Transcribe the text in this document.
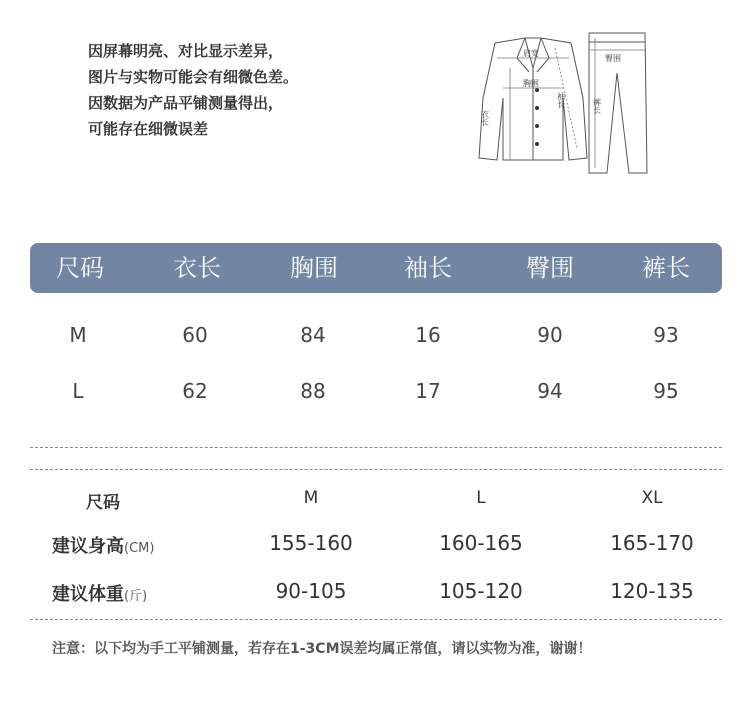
因屏幕明亮、对比显示差异，
图片与实物可能会有细微色差。
因数据为产品平铺测量得出，
可能存在细微误差
肩宽
胸围
衣长
袖长
臀围
裤长
尺码	衣长	胸围	袖长	臀围	裤长
M	60	84	16	90	93
L	62	88	17	94	95
尺码	M	L	XL
建议身高(CM)	155-160	160-165	165-170
建议体重(斤)	90-105	105-120	120-135
注意：以下均为手工平铺测量，若存在1-3CM误差均属正常值，请以实物为准，谢谢！
